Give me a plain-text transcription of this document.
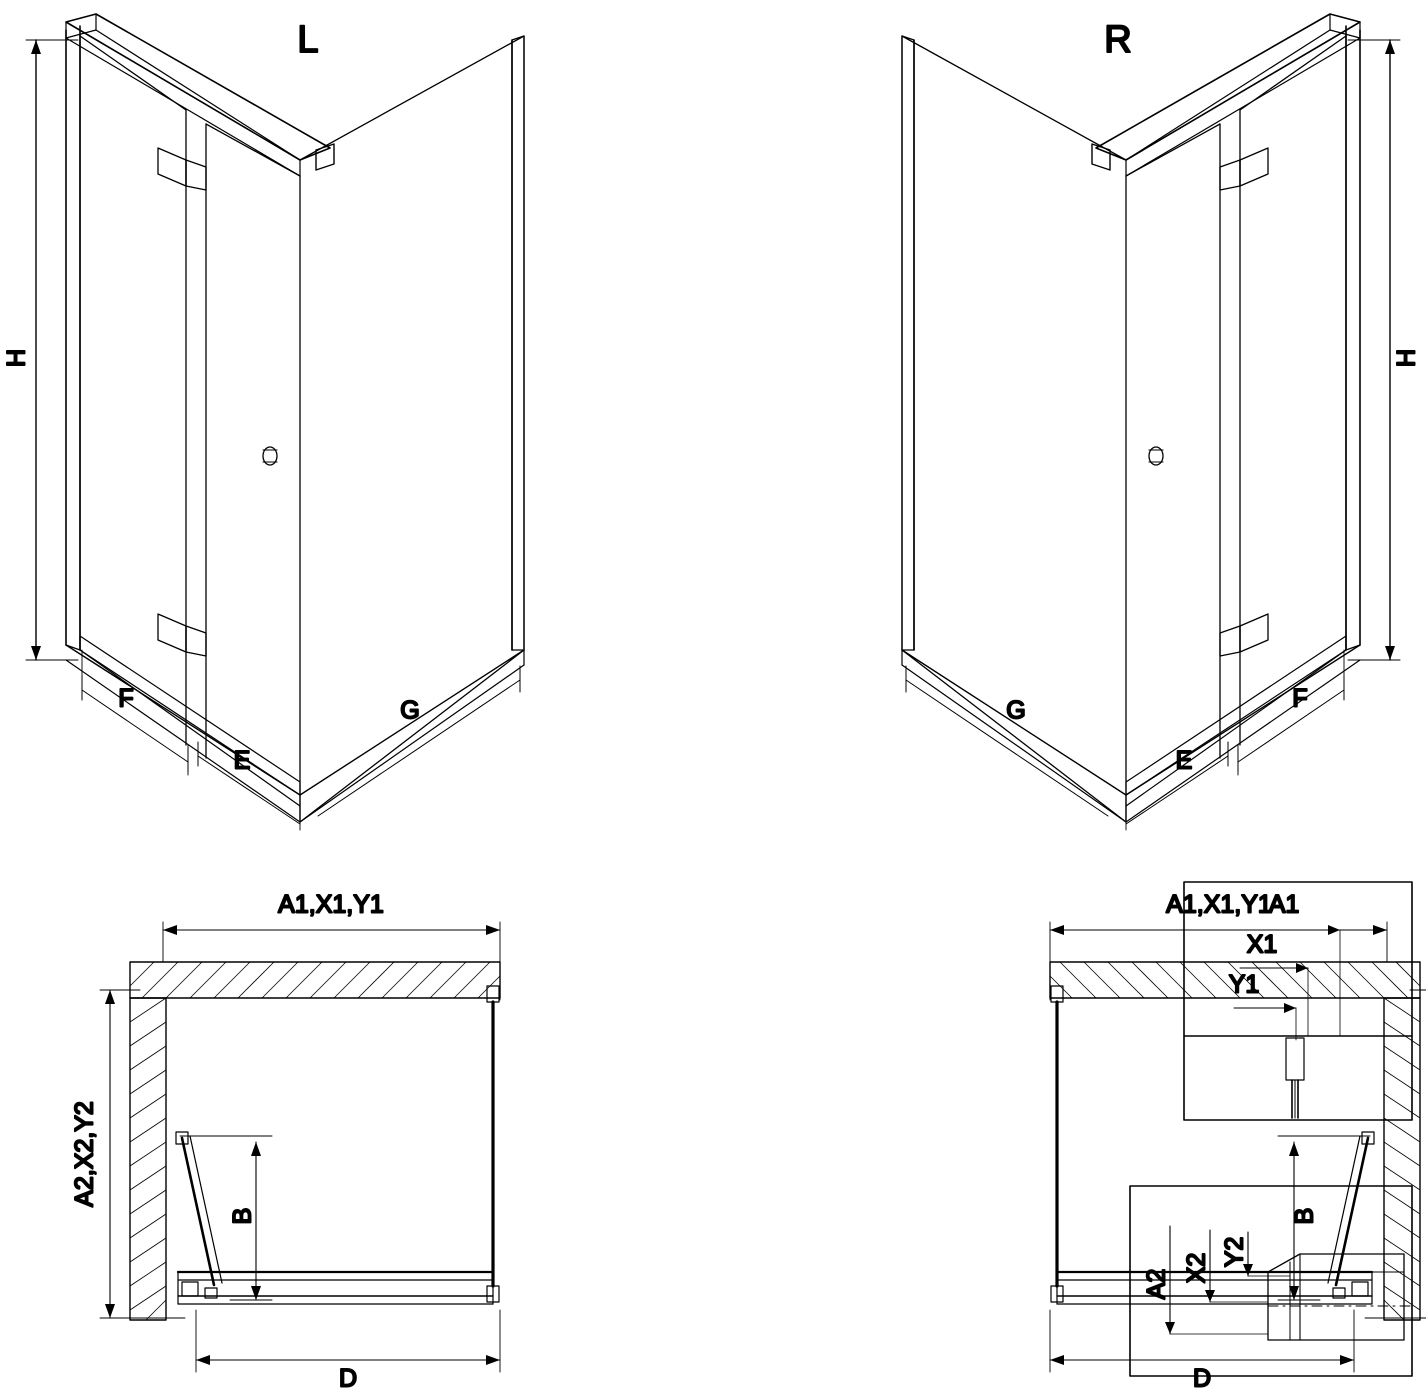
L
H
F
E
G
R
H
F
E
G
A1,X1,Y1
A2,X2,Y2
B
D
A1,X1,Y1
B
D
A1
X1
Y1
A2
X2
Y2
